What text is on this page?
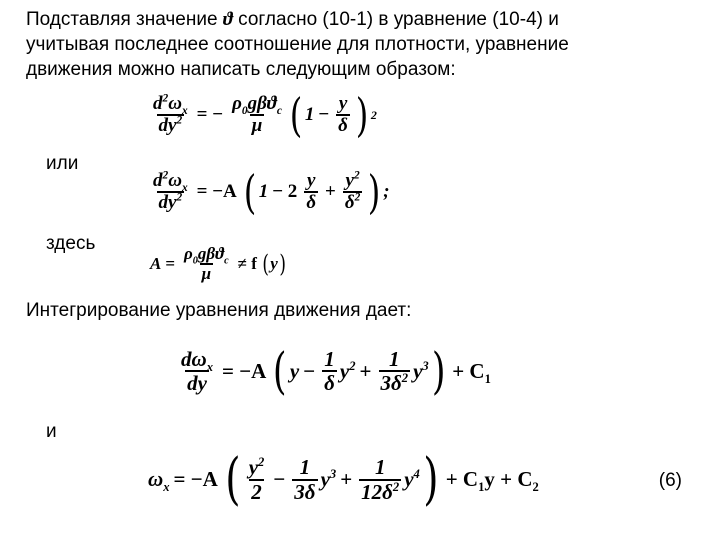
Подставляя значение ϑ согласно (10-1) в уравнение (10-4) и
учитывая последнее соотношение для плотности, уравнение
движения можно написать следующим образом:
$\frac{d^2\omega_x}{dy^2}$ = − $\frac{\rho_0g\beta ϑ_c}{\mu}$ ( $1 - \frac{y}{\delta}$ ) 2
или
$\frac{d^2\omega_x}{dy^2} = -A$ ( $1 - 2 \frac{y}{\delta} + \frac{y^2}{\delta^2}$ ) ;
здесь
$A = \frac{\rho_0g\beta ϑ_c}{\mu} \ne f$ ( y )
Интегрирование уравнения движения дает:
$\frac{d\omega_x}{dy} = -A$ ( $y - \frac{1}{\delta} y^2 + \frac{1}{3\delta^2} y^3$ ) + $C_1$
и
$\omega_x = -A$ ( $\frac{y^2}{2} - \frac{1}{3\delta} y^3 + \frac{1}{12\delta^2} y^4$ ) + $C_1y + C_2$	(6)
